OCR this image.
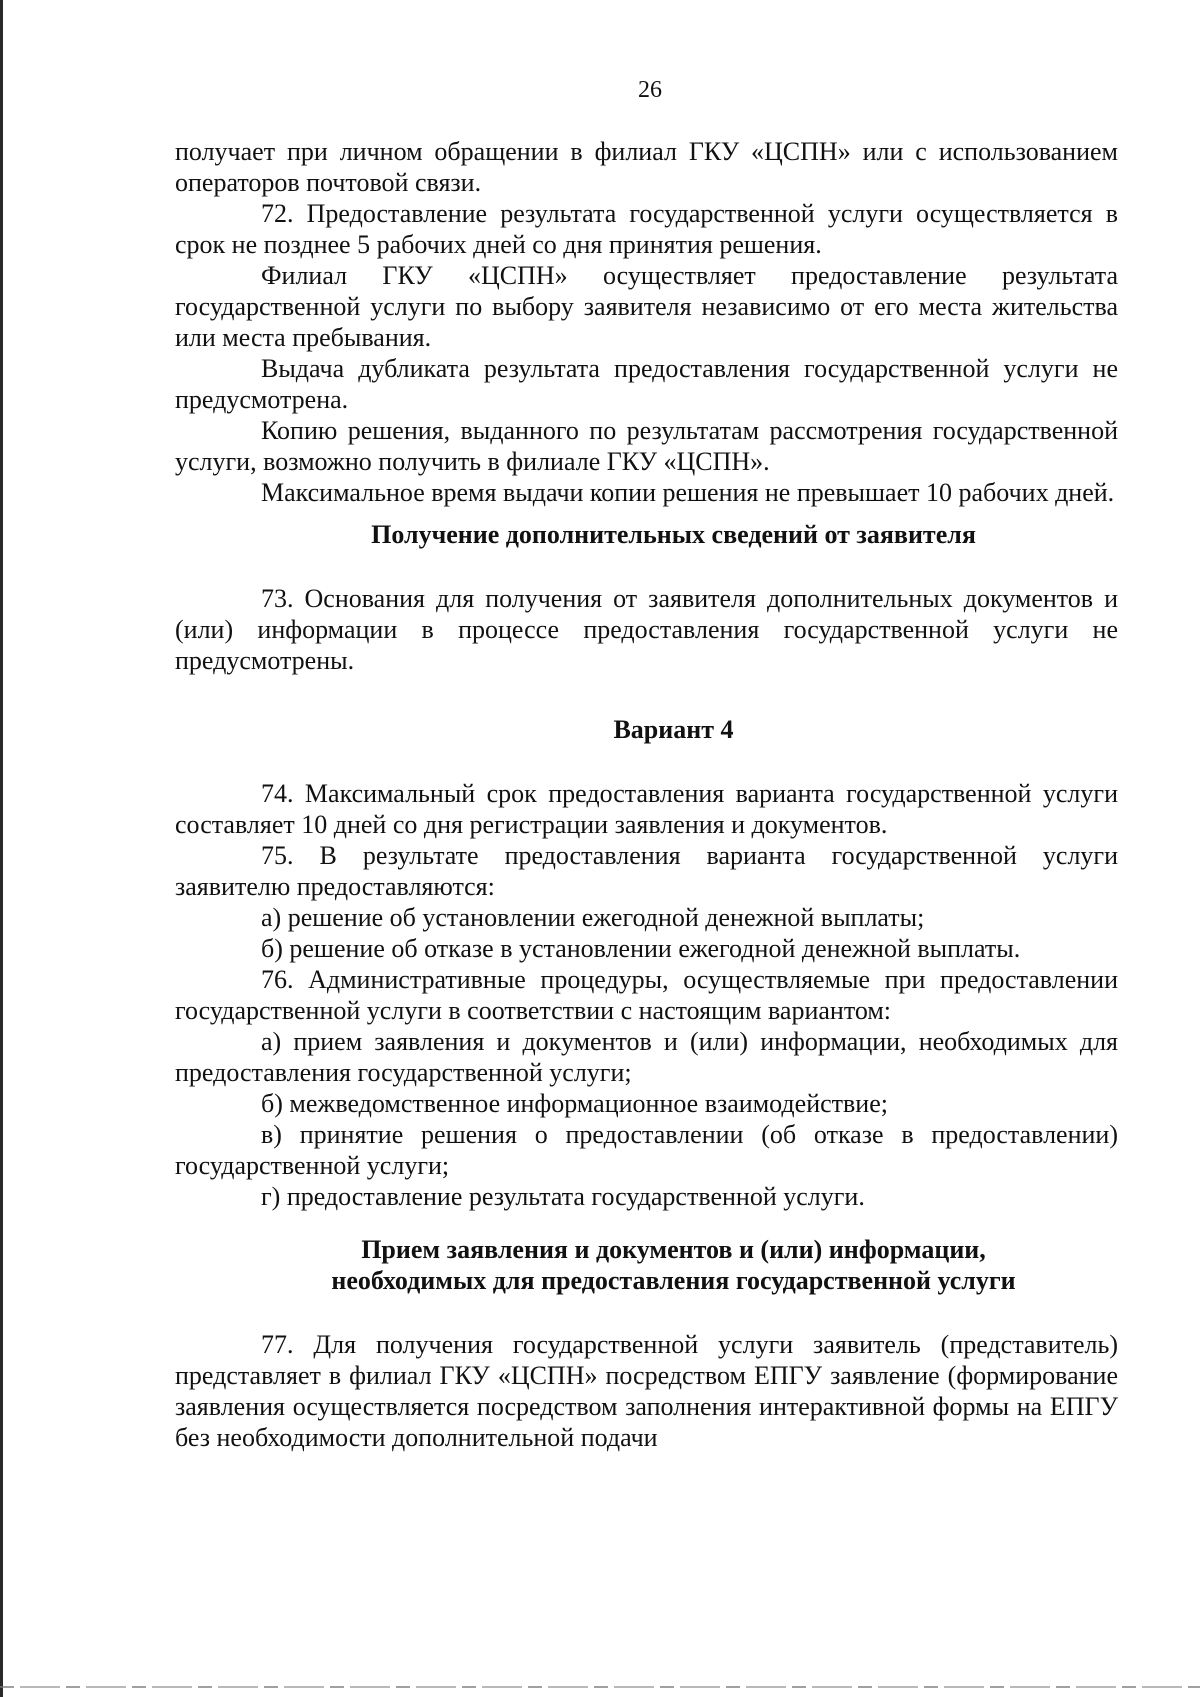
26

получает при личном обращении в филиал ГКУ «ЦСПН» или с использованием операторов почтовой связи.

72. Предоставление результата государственной услуги осуществляется в срок не позднее 5 рабочих дней со дня принятия решения.

Филиал ГКУ «ЦСПН» осуществляет предоставление результата государственной услуги по выбору заявителя независимо от его места жительства или места пребывания.

Выдача дубликата результата предоставления государственной услуги не предусмотрена.

Копию решения, выданного по результатам рассмотрения государственной услуги, возможно получить в филиале ГКУ «ЦСПН».

Максимальное время выдачи копии решения не превышает 10 рабочих дней.

Получение дополнительных сведений от заявителя

73. Основания для получения от заявителя дополнительных документов и (или) информации в процессе предоставления государственной услуги не предусмотрены.

Вариант 4

74. Максимальный срок предоставления варианта государственной услуги составляет 10 дней со дня регистрации заявления и документов.

75. В результате предоставления варианта государственной услуги заявителю предоставляются:

а) решение об установлении ежегодной денежной выплаты;

б) решение об отказе в установлении ежегодной денежной выплаты.

76. Административные процедуры, осуществляемые при предоставлении государственной услуги в соответствии с настоящим вариантом:

а) прием заявления и документов и (или) информации, необходимых для предоставления государственной услуги;

б) межведомственное информационное взаимодействие;

в) принятие решения о предоставлении (об отказе в предоставлении) государственной услуги;

г) предоставление результата государственной услуги.

Прием заявления и документов и (или) информации,

необходимых для предоставления государственной услуги

77. Для получения государственной услуги заявитель (представитель) представляет в филиал ГКУ «ЦСПН» посредством ЕПГУ заявление (формирование заявления осуществляется посредством заполнения интерактивной формы на ЕПГУ без необходимости дополнительной подачи
